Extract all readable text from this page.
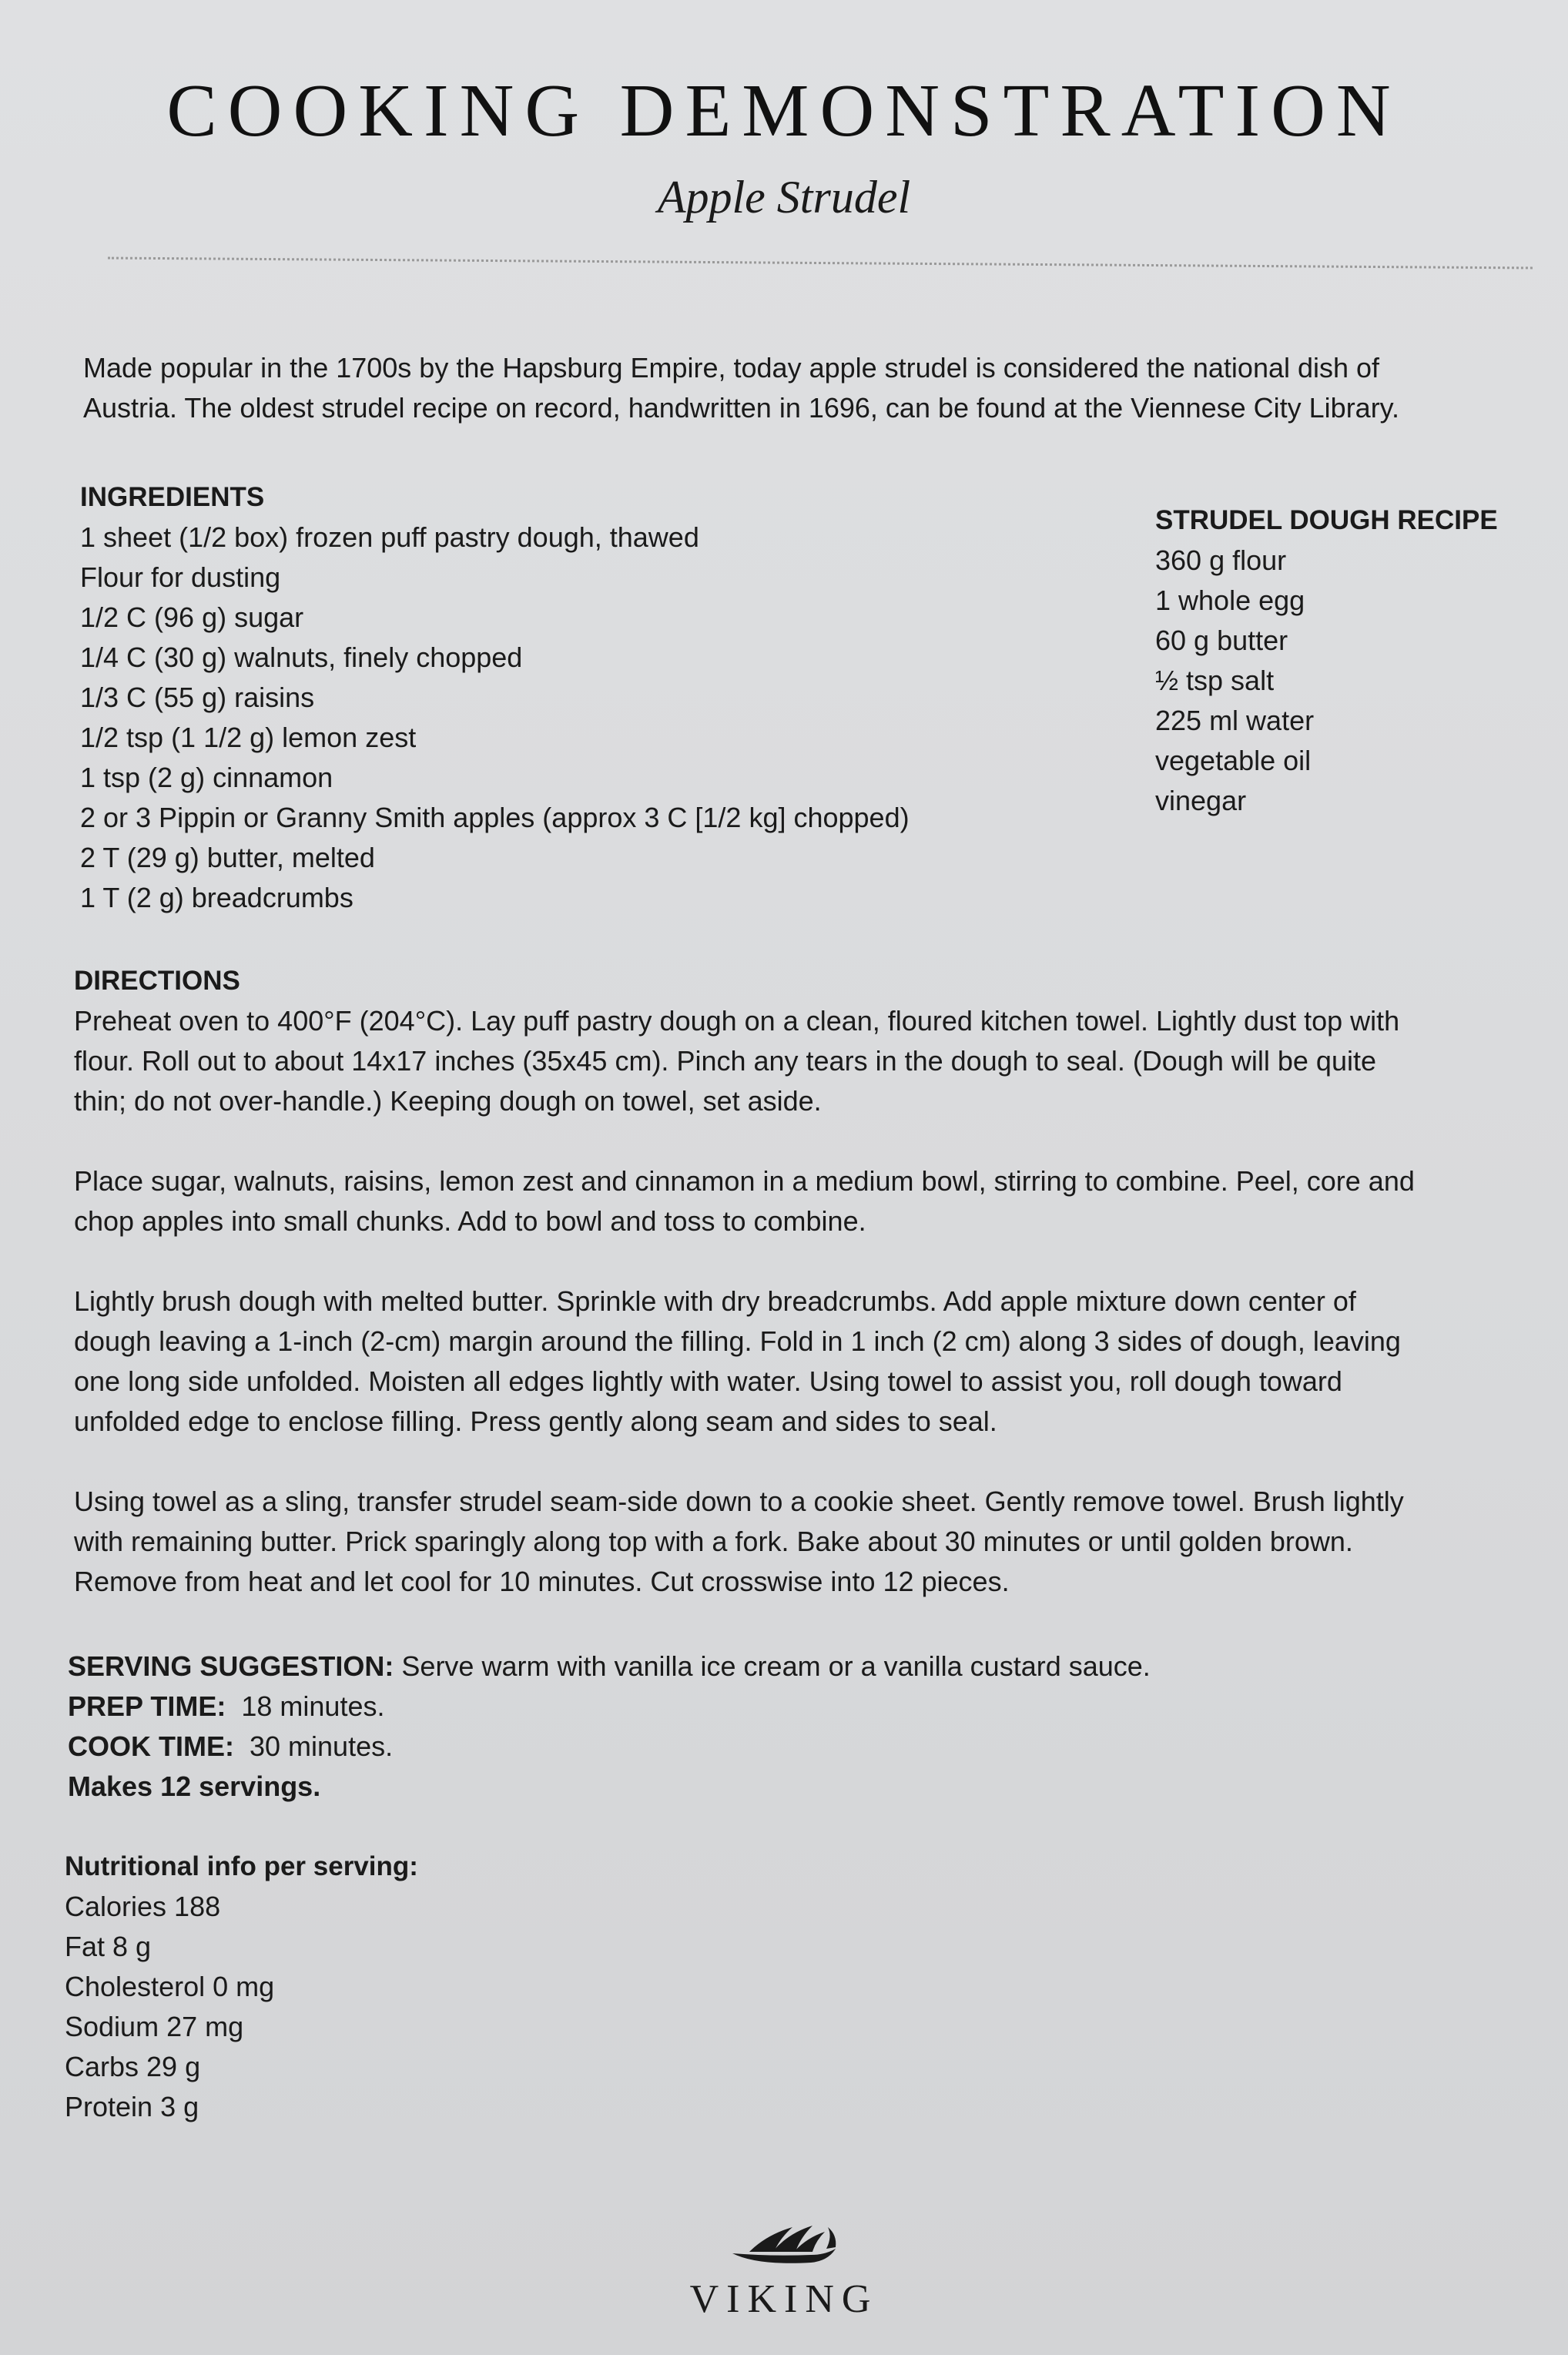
COOKING DEMONSTRATION
Apple Strudel
Made popular in the 1700s by the Hapsburg Empire, today apple strudel is considered the national dish of
Austria. The oldest strudel recipe on record, handwritten in 1696, can be found at the Viennese City Library.
INGREDIENTS
1 sheet (1/2 box) frozen puff pastry dough, thawed
Flour for dusting
1/2 C (96 g) sugar
1/4 C (30 g) walnuts, finely chopped
1/3 C (55 g) raisins
1/2 tsp (1 1/2 g) lemon zest
1 tsp (2 g) cinnamon
2 or 3 Pippin or Granny Smith apples (approx 3 C [1/2 kg] chopped)
2 T (29 g) butter, melted
1 T (2 g) breadcrumbs
STRUDEL DOUGH RECIPE
360 g flour
1 whole egg
60 g butter
½ tsp salt
225 ml water
vegetable oil
vinegar
DIRECTIONS
Preheat oven to 400°F (204°C). Lay puff pastry dough on a clean, floured kitchen towel. Lightly dust top with
flour. Roll out to about 14x17 inches (35x45 cm). Pinch any tears in the dough to seal. (Dough will be quite
thin; do not over-handle.) Keeping dough on towel, set aside.
Place sugar, walnuts, raisins, lemon zest and cinnamon in a medium bowl, stirring to combine. Peel, core and
chop apples into small chunks. Add to bowl and toss to combine.
Lightly brush dough with melted butter. Sprinkle with dry breadcrumbs. Add apple mixture down center of
dough leaving a 1-inch (2-cm) margin around the filling. Fold in 1 inch (2 cm) along 3 sides of dough, leaving
one long side unfolded. Moisten all edges lightly with water. Using towel to assist you, roll dough toward
unfolded edge to enclose filling. Press gently along seam and sides to seal.
Using towel as a sling, transfer strudel seam-side down to a cookie sheet. Gently remove towel. Brush lightly
with remaining butter. Prick sparingly along top with a fork. Bake about 30 minutes or until golden brown.
Remove from heat and let cool for 10 minutes. Cut crosswise into 12 pieces.
SERVING SUGGESTION: Serve warm with vanilla ice cream or a vanilla custard sauce.
PREP TIME:  18 minutes.
COOK TIME:  30 minutes.
Makes 12 servings.
Nutritional info per serving:
Calories 188
Fat 8 g
Cholesterol 0 mg
Sodium 27 mg
Carbs 29 g
Protein 3 g
VIKING
